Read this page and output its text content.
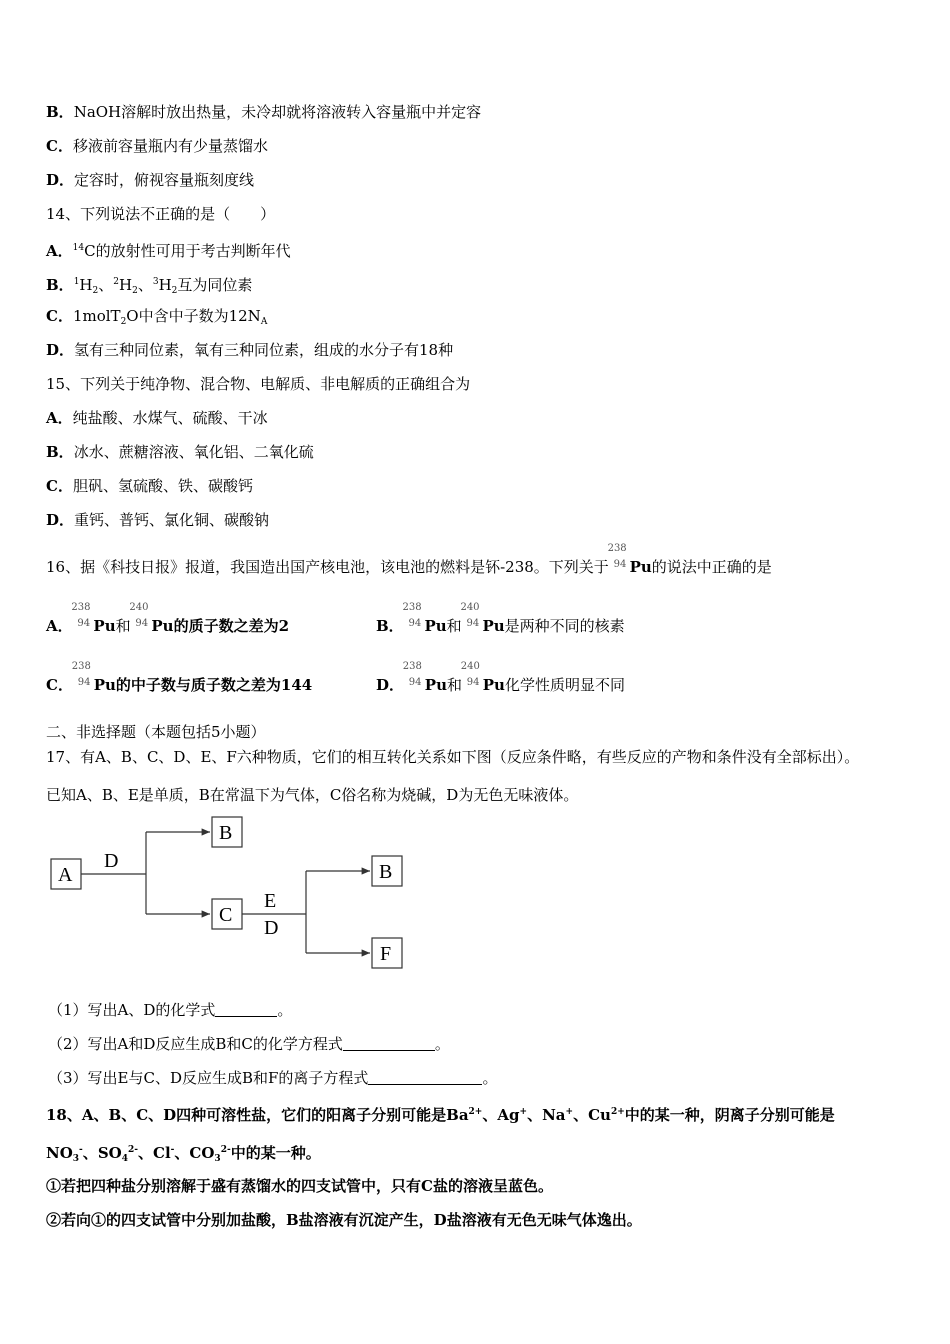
B．NaOH溶解时放出热量，未冷却就将溶液转入容量瓶中并定容
C．移液前容量瓶内有少量蒸馏水
D．定容时，俯视容量瓶刻度线
14、下列说法不正确的是（　　）
A．$^{14}$C的放射性可用于考古判断年代
B．$^1H_2$、$^2H_2$、$^3H_2$互为同位素
C．1molT$_2$O中含中子数为$12N_A$
D．氢有三种同位素，氧有三种同位素，组成的水分子有18种
15、下列关于纯净物、混合物、电解质、非电解质的正确组合为
A．纯盐酸、水煤气、硫酸、干冰
B．冰水、蔗糖溶液、氧化铝、二氧化硫
C．胆矾、氢硫酸、铁、碳酸钙
D．重钙、普钙、氯化铜、碳酸钠
16、据《科技日报》报道，我国造出国产核电池，该电池的燃料是钚-238。下列关于
238
94 Pu的说法中正确的是
A．
238
94 Pu和
240
94 Pu的质子数之差为2	B．
238
94 Pu和
240
94 Pu是两种不同的核素
C．
238
94 Pu的中子数与质子数之差为144	D．
238
94 Pu和
240
94 Pu化学性质明显不同
二、非选择题（本题包括5小题）
17、有A、B、C、D、E、F六种物质，它们的相互转化关系如下图（反应条件略，有些反应的产物和条件没有全部标出）。
已知A、B、E是单质，B在常温下为气体，C俗名称为烧碱，D为无色无味液体。
A
D
B
C
E
D
B
F
（1）写出A、D的化学式	。
（2）写出A和D反应生成B和C的化学方程式	。
（3）写出E与C、D反应生成B和F的离子方程式	。
18、A、B、C、D四种可溶性盐，它们的阳离子分别可能是$Ba^{2+}$、Ag+、Na+、$Cu^{2+}$中的某一种，阴离子分别可能是
$NO_3^-$、$SO_4^{2-}$、Cl-、$CO_3^{2-}$中的某一种。
①若把四种盐分别溶解于盛有蒸馏水的四支试管中，只有C盐的溶液呈蓝色。
②若向①的四支试管中分别加盐酸，B盐溶液有沉淀产生，D盐溶液有无色无味气体逸出。
